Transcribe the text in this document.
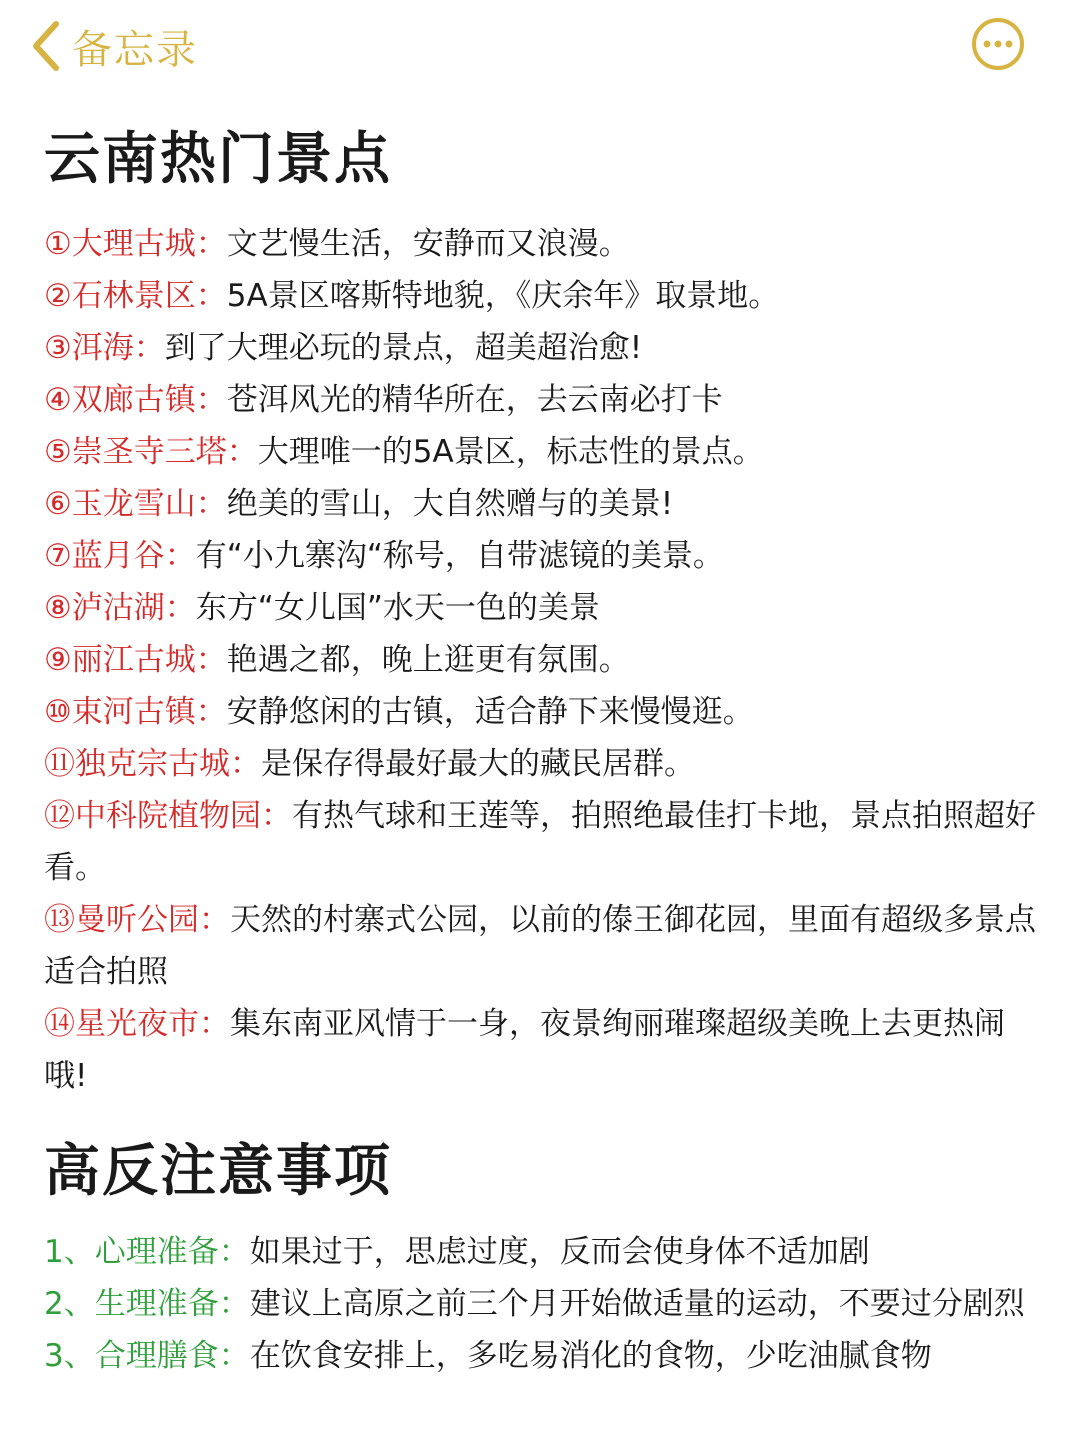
备忘录
云南热门景点

①大理古城：文艺慢生活，安静而又浪漫。

②石林景区：5A景区喀斯特地貌，《庆余年》取景地。

③洱海：到了大理必玩的景点，超美超治愈!

④双廊古镇：苍洱风光的精华所在，去云南必打卡

⑤崇圣寺三塔：大理唯一的5A景区，标志性的景点。

⑥玉龙雪山：绝美的雪山，大自然赠与的美景!

⑦蓝月谷：有“小九寨沟“称号，自带滤镜的美景。

⑧泸沽湖：东方“女儿国”水天一色的美景

⑨丽江古城：艳遇之都，晚上逛更有氛围。

⑩束河古镇：安静悠闲的古镇，适合静下来慢慢逛。

⑪独克宗古城：是保存得最好最大的藏民居群。

⑫中科院植物园：有热气球和王莲等，拍照绝最佳打卡地，景点拍照超好看。

⑬曼听公园：天然的村寨式公园，以前的傣王御花园，里面有超级多景点适合拍照

⑭星光夜市：集东南亚风情于一身，夜景绚丽璀璨超级美晚上去更热闹哦!

高反注意事项

1、心理准备：如果过于，思虑过度，反而会使身体不适加剧

2、生理准备：建议上高原之前三个月开始做适量的运动，不要过分剧烈

3、合理膳食：在饮食安排上，多吃易消化的食物，少吃油腻食物
